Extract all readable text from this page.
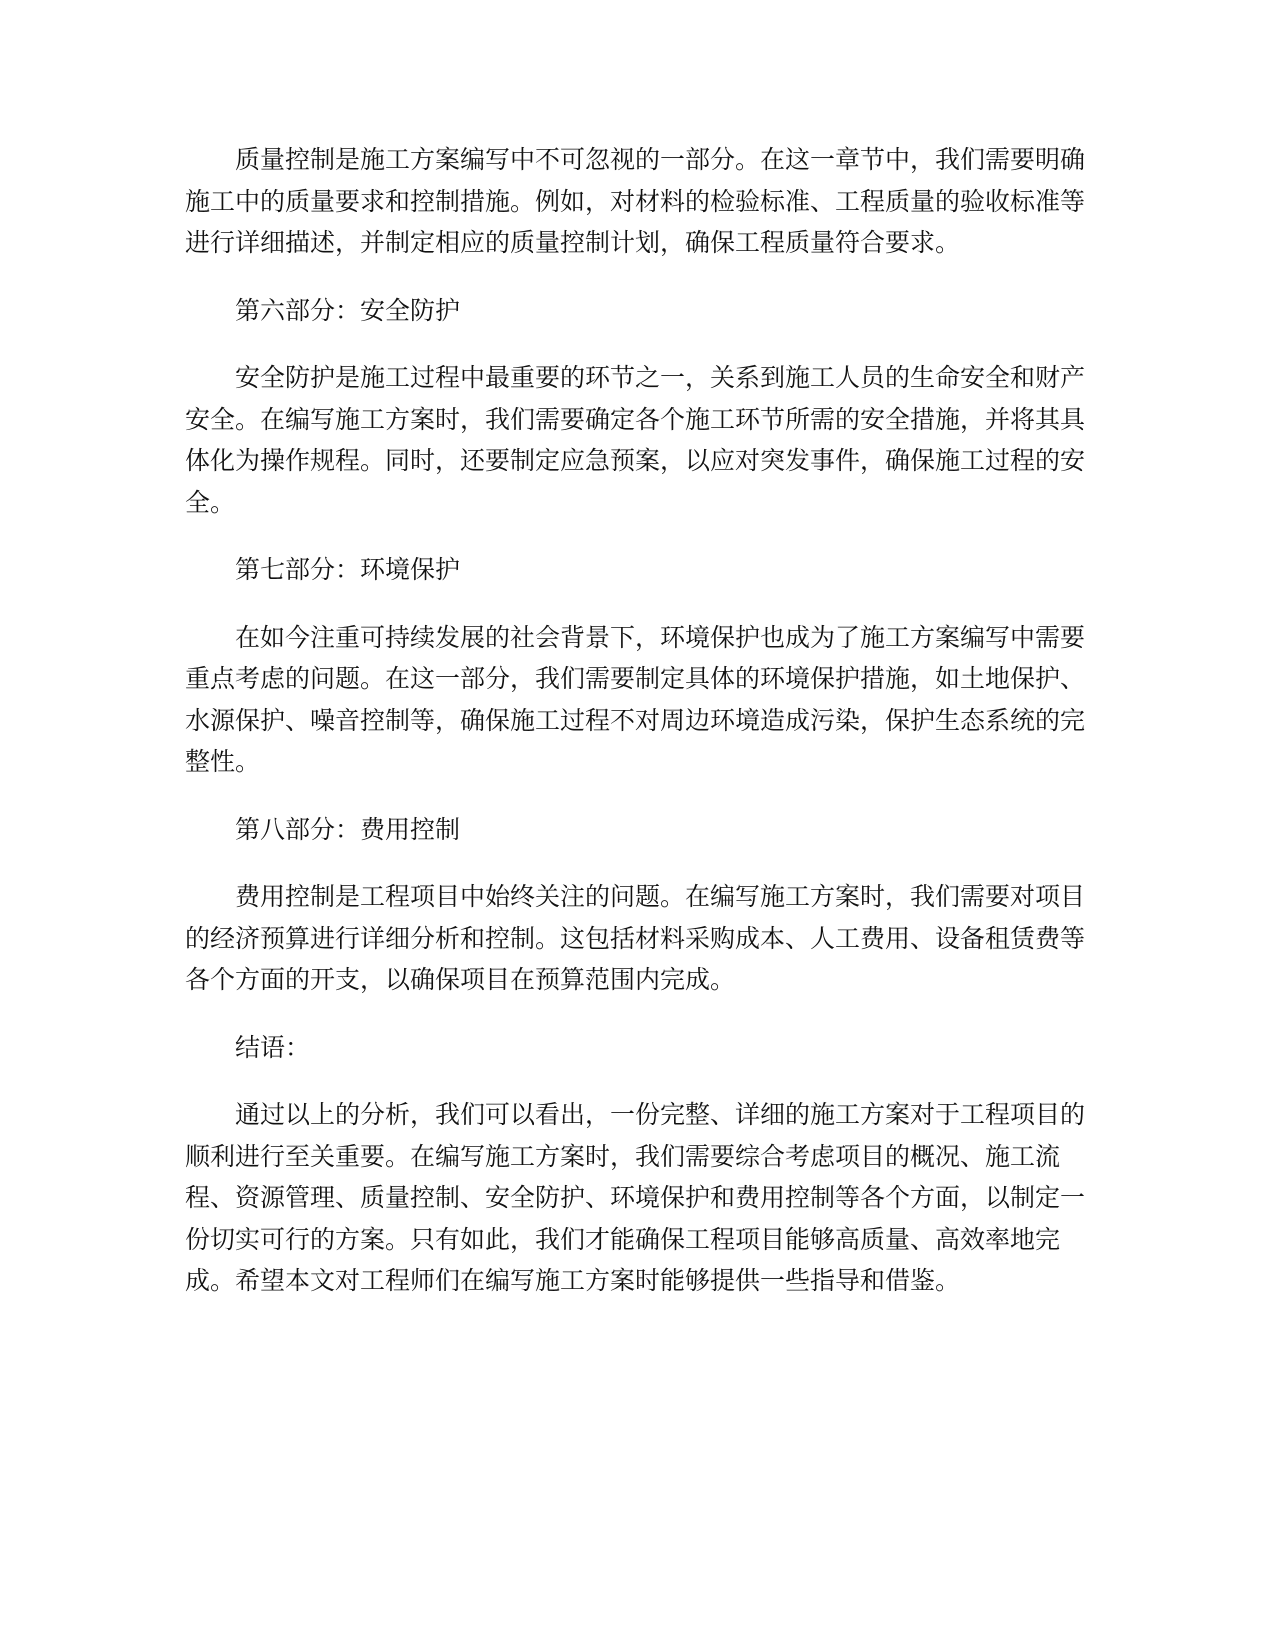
质量控制是施工方案编写中不可忽视的一部分。在这一章节中，我们需要明确施工中的质量要求和控制措施。例如，对材料的检验标准、工程质量的验收标准等进行详细描述，并制定相应的质量控制计划，确保工程质量符合要求。

第六部分：安全防护

安全防护是施工过程中最重要的环节之一，关系到施工人员的生命安全和财产安全。在编写施工方案时，我们需要确定各个施工环节所需的安全措施，并将其具体化为操作规程。同时，还要制定应急预案，以应对突发事件，确保施工过程的安全。

第七部分：环境保护

在如今注重可持续发展的社会背景下，环境保护也成为了施工方案编写中需要重点考虑的问题。在这一部分，我们需要制定具体的环境保护措施，如土地保护、水源保护、噪音控制等，确保施工过程不对周边环境造成污染，保护生态系统的完整性。

第八部分：费用控制

费用控制是工程项目中始终关注的问题。在编写施工方案时，我们需要对项目的经济预算进行详细分析和控制。这包括材料采购成本、人工费用、设备租赁费等各个方面的开支，以确保项目在预算范围内完成。

结语：

通过以上的分析，我们可以看出，一份完整、详细的施工方案对于工程项目的顺利进行至关重要。在编写施工方案时，我们需要综合考虑项目的概况、施工流程、资源管理、质量控制、安全防护、环境保护和费用控制等各个方面，以制定一份切实可行的方案。只有如此，我们才能确保工程项目能够高质量、高效率地完成。希望本文对工程师们在编写施工方案时能够提供一些指导和借鉴。
